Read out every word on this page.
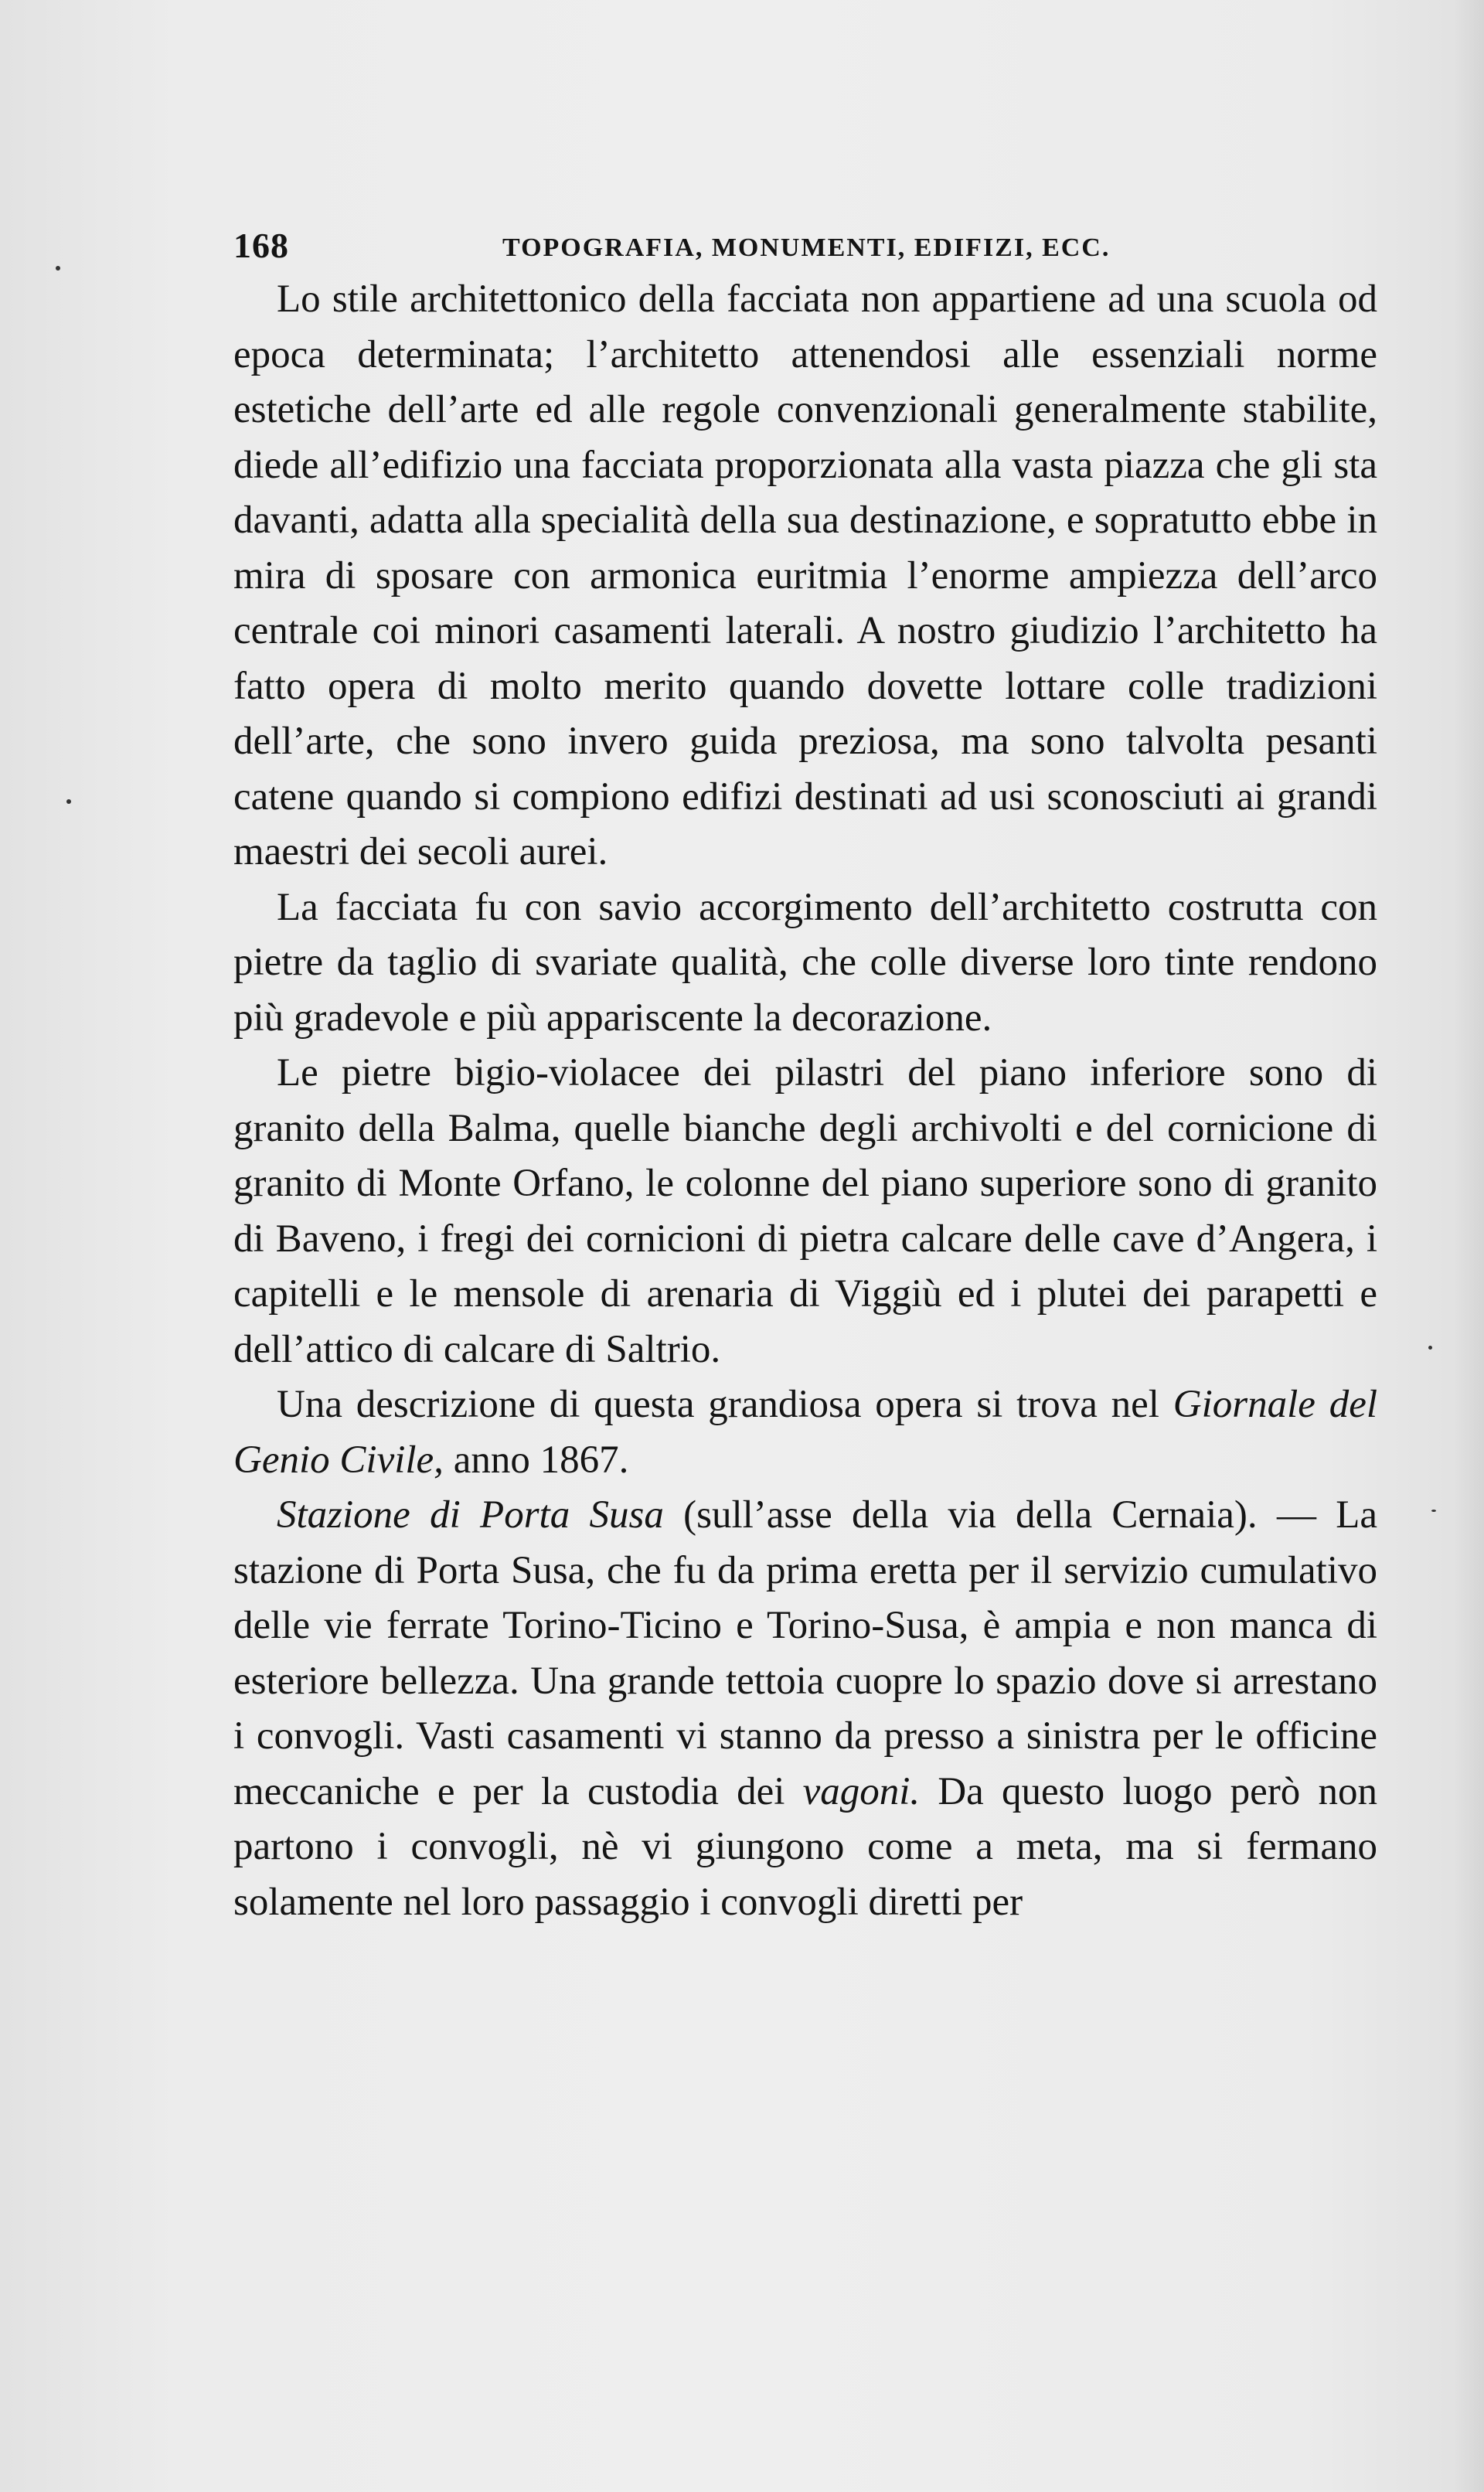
168	TOPOGRAFIA, MONUMENTI, EDIFIZI, ECC.

Lo stile architettonico della facciata non appartiene ad una scuola od epoca determinata; l’architetto attenendosi alle essenziali norme estetiche dell’arte ed alle regole convenzionali generalmente stabilite, diede all’edifizio una facciata proporzionata alla vasta piazza che gli sta davanti, adatta alla specialità della sua destinazione, e sopratutto ebbe in mira di sposare con armonica euritmia l’enorme ampiezza dell’arco centrale coi minori casamenti laterali. A nostro giudizio l’architetto ha fatto opera di molto merito quando dovette lottare colle tradizioni dell’arte, che sono invero guida preziosa, ma sono talvolta pesanti catene quando si compiono edifizi destinati ad usi sconosciuti ai grandi maestri dei secoli aurei.

La facciata fu con savio accorgimento dell’architetto costrutta con pietre da taglio di svariate qualità, che colle diverse loro tinte rendono più gradevole e più appariscente la decorazione.

Le pietre bigio-violacee dei pilastri del piano inferiore sono di granito della Balma, quelle bianche degli archivolti e del cornicione di granito di Monte Orfano, le colonne del piano superiore sono di granito di Baveno, i fregi dei cornicioni di pietra calcare delle cave d’Angera, i capitelli e le mensole di arenaria di Viggiù ed i plutei dei parapetti e dell’attico di calcare di Saltrio.

Una descrizione di questa grandiosa opera si trova nel Giornale del Genio Civile, anno 1867.

Stazione di Porta Susa (sull’asse della via della Cernaia). — La stazione di Porta Susa, che fu da prima eretta per il servizio cumulativo delle vie ferrate Torino-Ticino e Torino-Susa, è ampia e non manca di esteriore bellezza. Una grande tettoia cuopre lo spazio dove si arrestano i convogli. Vasti casamenti vi stanno da presso a sinistra per le officine meccaniche e per la custodia dei vagoni. Da questo luogo però non partono i convogli, nè vi giungono come a meta, ma si fermano solamente nel loro passaggio i convogli diretti per
